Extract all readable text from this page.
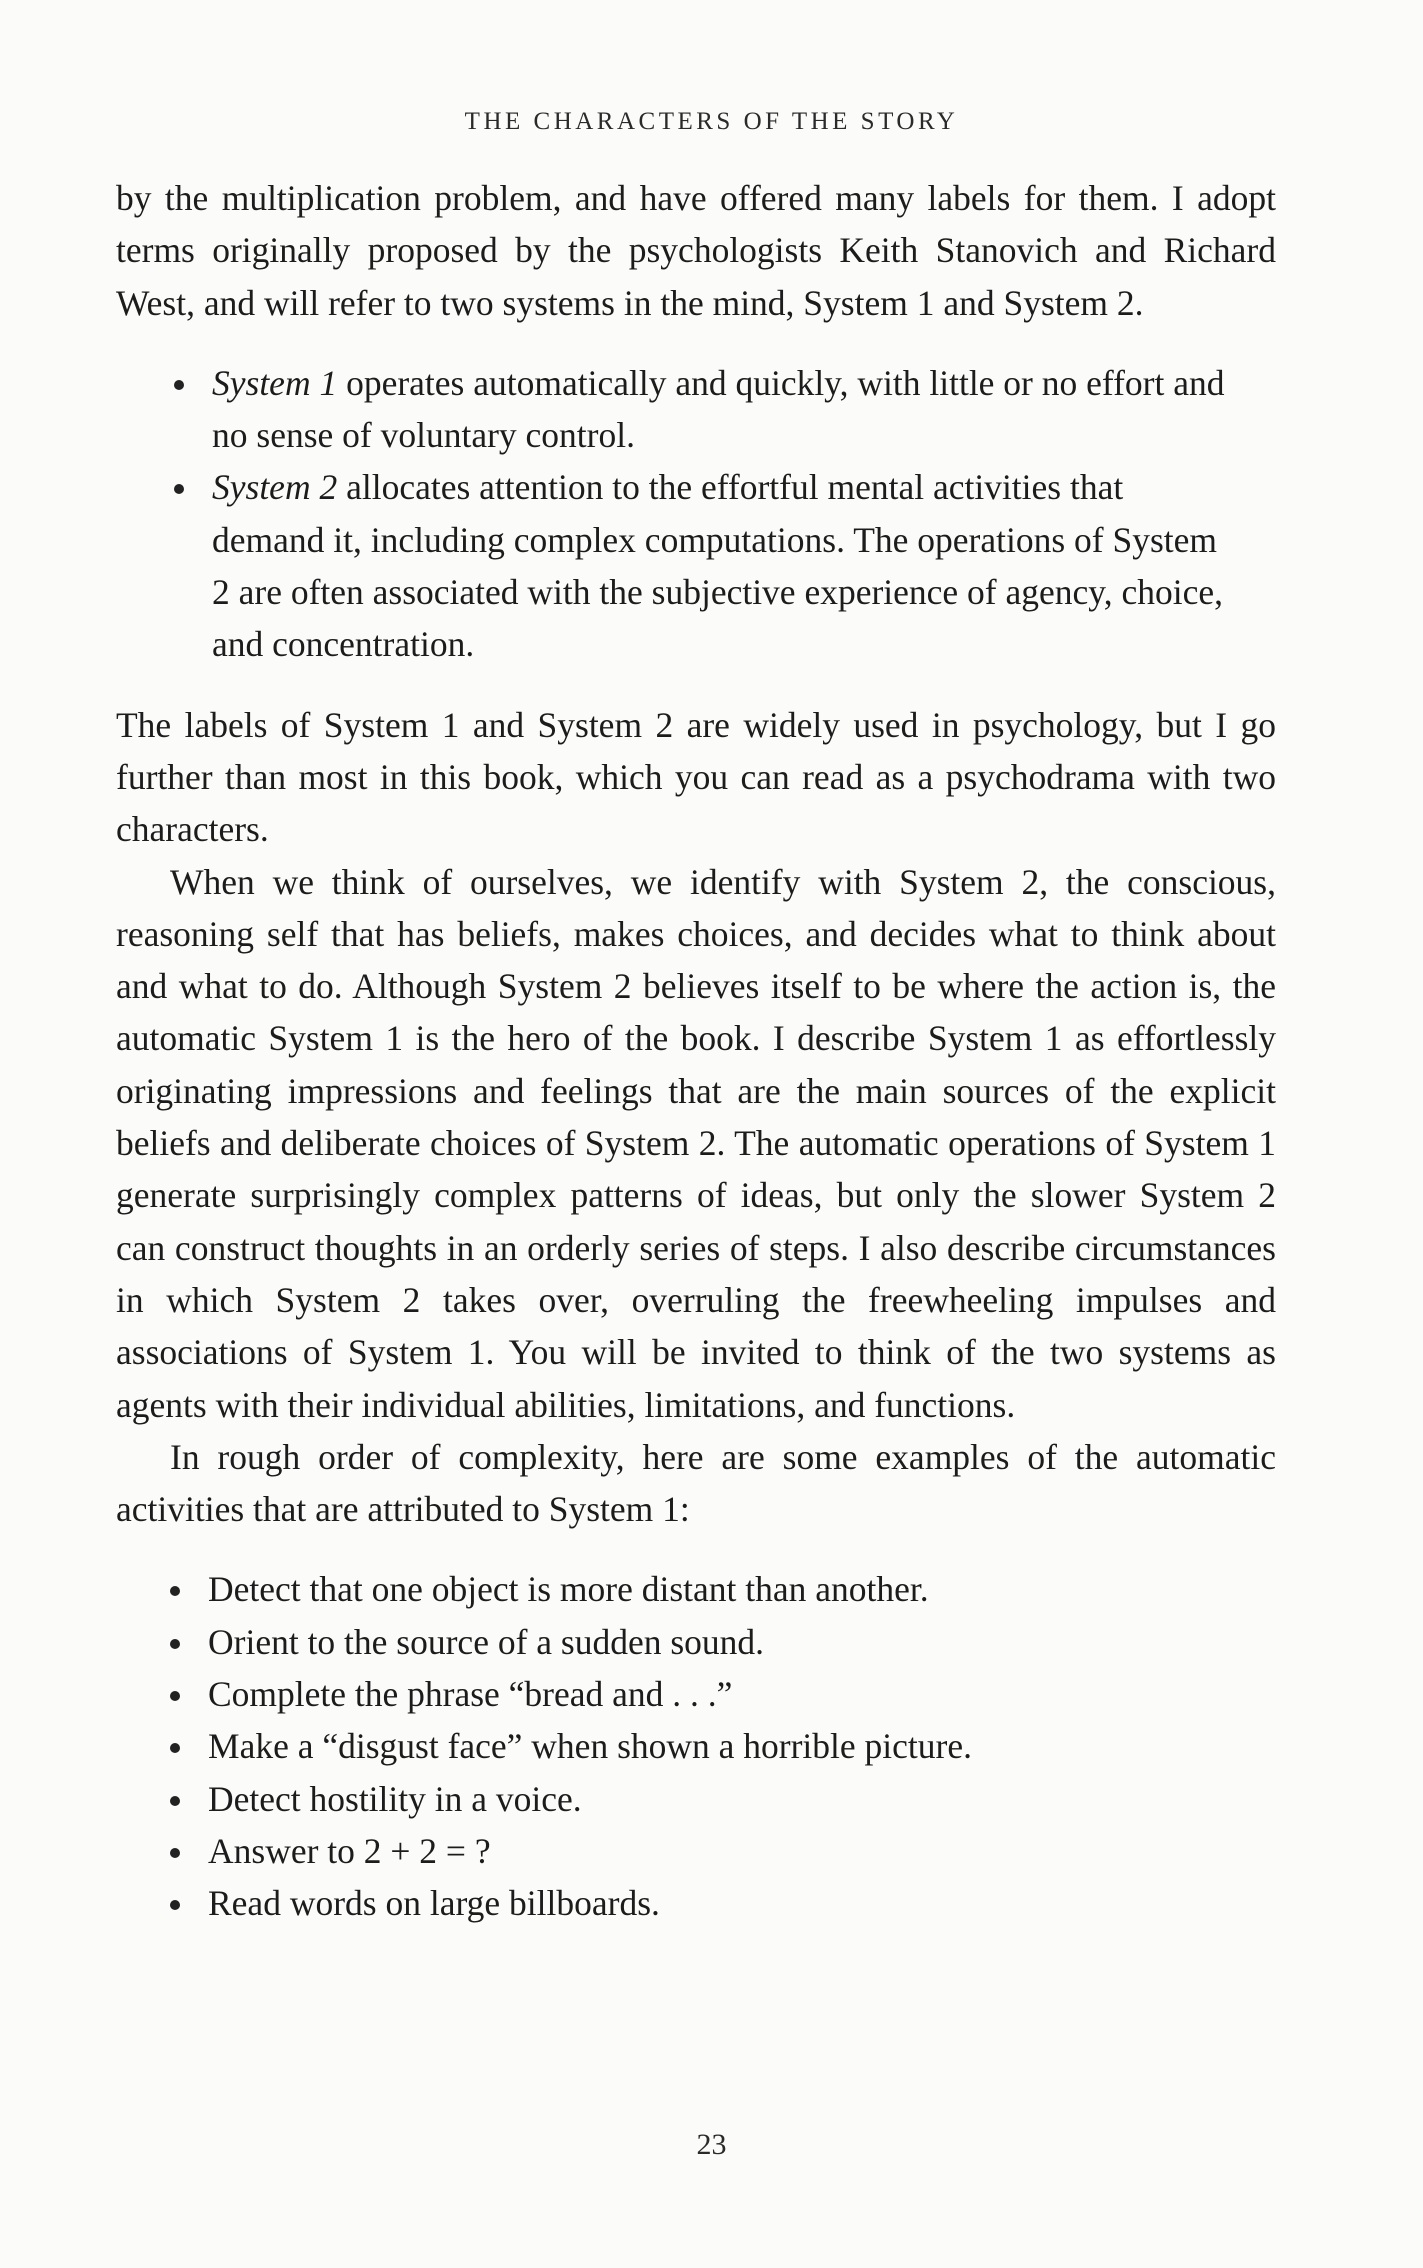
THE CHARACTERS OF THE STORY

by the multiplication problem, and have offered many labels for them. I adopt terms originally proposed by the psychologists Keith Stanovich and Richard West, and will refer to two systems in the mind, System 1 and System 2.

System 1 operates automatically and quickly, with little or no effort and no sense of voluntary control.
System 2 allocates attention to the effortful mental activities that demand it, including complex computations. The operations of System 2 are often associated with the subjective experience of agency, choice, and concentration.

The labels of System 1 and System 2 are widely used in psychology, but I go further than most in this book, which you can read as a psychodrama with two characters.

When we think of ourselves, we identify with System 2, the conscious, reasoning self that has beliefs, makes choices, and decides what to think about and what to do. Although System 2 believes itself to be where the action is, the automatic System 1 is the hero of the book. I describe System 1 as effortlessly originating impressions and feelings that are the main sources of the explicit beliefs and deliberate choices of System 2. The automatic operations of System 1 generate surprisingly complex patterns of ideas, but only the slower System 2 can construct thoughts in an orderly series of steps. I also describe circumstances in which System 2 takes over, overruling the freewheeling impulses and associations of System 1. You will be invited to think of the two systems as agents with their individual abilities, limitations, and functions.

In rough order of complexity, here are some examples of the automatic activities that are attributed to System 1:

Detect that one object is more distant than another.
Orient to the source of a sudden sound.
Complete the phrase “bread and . . .”
Make a “disgust face” when shown a horrible picture.
Detect hostility in a voice.
Answer to 2 + 2 = ?
Read words on large billboards.
23
